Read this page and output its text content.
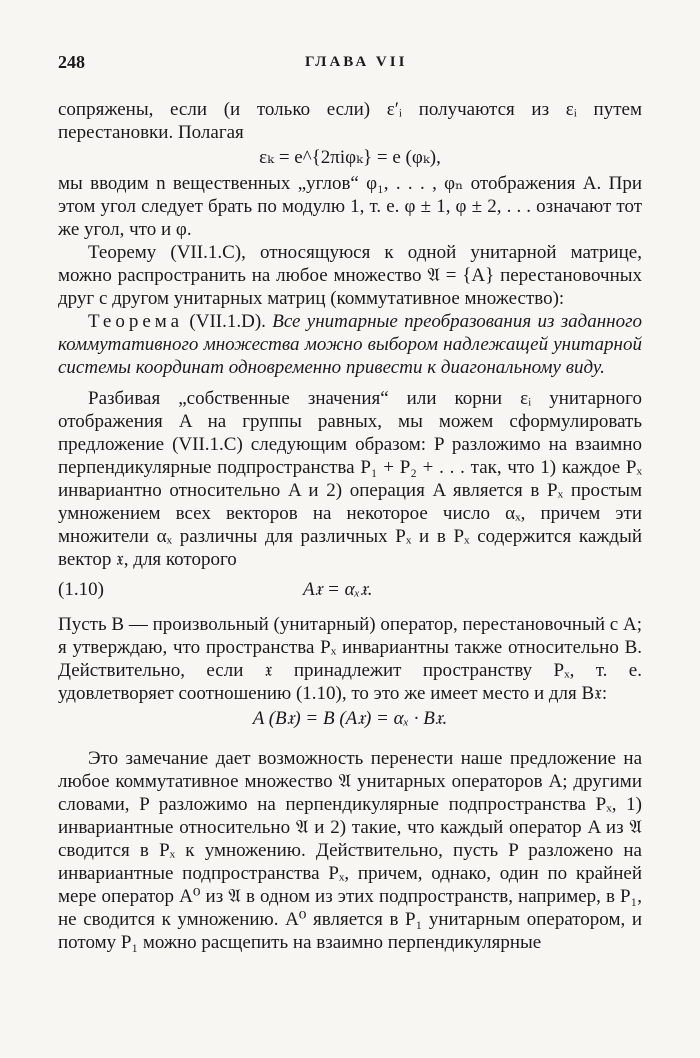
248	ГЛАВА VII

сопряжены, если (и только если) ε′ᵢ получаются из εᵢ путем перестановки. Полагая

εₖ = e^{2πiφₖ} = e (φₖ),

мы вводим n вещественных „углов“ φ₁, . . . , φₙ отображения A. При этом угол следует брать по модулю 1, т. е. φ ± 1, φ ± 2, . . . означают тот же угол, что и φ.

Теорему (VII.1.C), относящуюся к одной унитарной матрице, можно распространить на любое множество 𝔄 = {A} перестановочных друг с другом унитарных матриц (коммутативное множество):

Теорема (VII.1.D). Все унитарные преобразования из заданного коммутативного множества можно выбором надлежащей унитарной системы координат одновременно привести к диагональному виду.

Разбивая „собственные значения“ или корни εᵢ унитарного отображения A на группы равных, мы можем сформулировать предложение (VII.1.C) следующим образом: P разложимо на взаимно перпендикулярные подпространства P₁ + P₂ + . . . так, что 1) каждое Pₓ инвариантно относительно A и 2) операция A является в Pₓ простым умножением всех векторов на некоторое число αₓ, причем эти множители αₓ различны для различных Pₓ и в Pₓ содержится каждый вектор 𝔵, для которого

(1.10)	A𝔵 = αₓ𝔵.

Пусть B — произвольный (унитарный) оператор, перестановочный с A; я утверждаю, что пространства Pₓ инвариантны также относительно B. Действительно, если 𝔵 принадлежит пространству Pₓ, т. е. удовлетворяет соотношению (1.10), то это же имеет место и для B𝔵:

A (B𝔵) = B (A𝔵) = αₓ · B𝔵.

Это замечание дает возможность перенести наше предложение на любое коммутативное множество 𝔄 унитарных операторов A; другими словами, P разложимо на перпендикулярные подпространства Pₓ, 1) инвариантные относительно 𝔄 и 2) такие, что каждый оператор A из 𝔄 сводится в Pₓ к умножению. Действительно, пусть P разложено на инвариантные подпространства Pₓ, причем, однако, один по крайней мере оператор A⁰ из 𝔄 в одном из этих подпространств, например, в P₁, не сводится к умножению. A⁰ является в P₁ унитарным оператором, и потому P₁ можно расщепить на взаимно перпендикулярные
